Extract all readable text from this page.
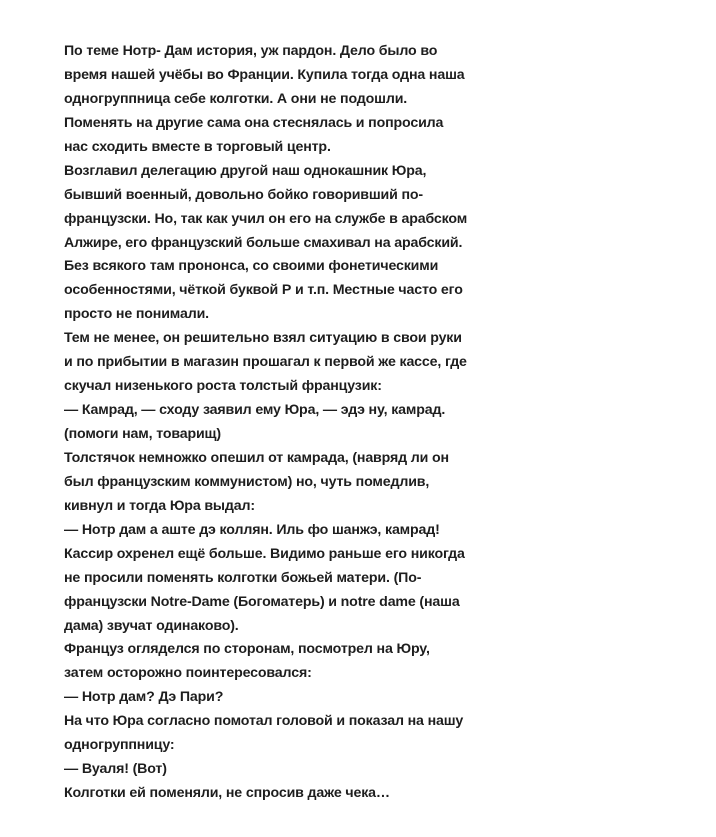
По теме Нотр- Дам история, уж пардон. Дело было во
время нашей учёбы во Франции. Купила тогда одна наша
одногруппница себе колготки. А они не подошли.
Поменять на другие сама она стеснялась и попросила
нас сходить вместе в торговый центр.
Возглавил делегацию другой наш однокашник Юра,
бывший военный, довольно бойко говоривший по-
французски. Но, так как учил он его на службе в арабском
Алжире, его французский больше смахивал на арабский.
Без всякого там прононса, со своими фонетическими
особенностями, чёткой буквой Р и т.п. Местные часто его
просто не понимали.
Тем не менее, он решительно взял ситуацию в свои руки
и по прибытии в магазин прошагал к первой же кассе, где
скучал низенького роста толстый французик:
— Камрад, — сходу заявил ему Юра, — эдэ ну, камрад.
(помоги нам, товарищ)
Толстячок немножко опешил от камрада, (навряд ли он
был французским коммунистом) но, чуть помедлив,
кивнул и тогда Юра выдал:
— Нотр дам а аште дэ коллян. Иль фо шанжэ, камрад!
Кассир охренел ещё больше. Видимо раньше его никогда
не просили поменять колготки божьей матери. (По-
французски Notre-Dame (Богоматерь) и notre dame (наша
дама) звучат одинаково).
Француз огляделся по сторонам, посмотрел на Юру,
затем осторожно поинтересовался:
— Нотр дам? Дэ Пари?
На что Юра согласно помотал головой и показал на нашу
одногруппницу:
— Вуаля! (Вот)
Колготки ей поменяли, не спросив даже чека…
